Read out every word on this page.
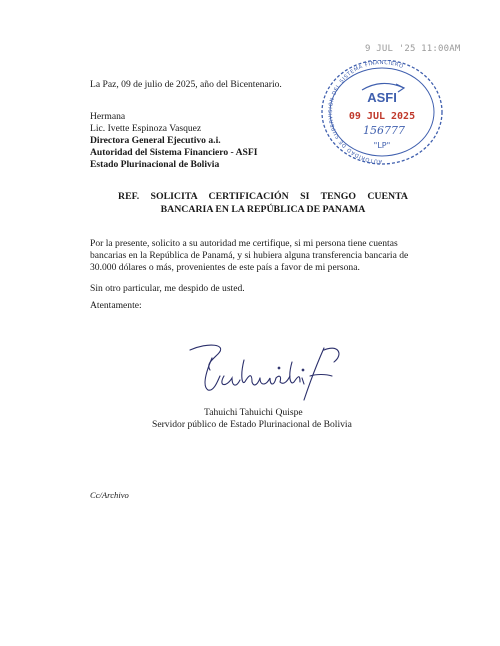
9 JUL '25 11:00AM
La Paz, 09 de julio de 2025, año del Bicentenario.
Hermana
Lic. Ivette Espinoza Vasquez
Directora General Ejecutivo a.i.
Autoridad del Sistema Financiero - ASFI
Estado Plurinacional de Bolivia	AUTORIDAD DE SUPERVISIÓN DEL SISTEMA FINANCIERO
ASFI
09 JUL 2025
156777
"LP"
REF. SOLICITA CERTIFICACIÓN SI TENGO CUENTA
BANCARIA EN LA REPÚBLICA DE PANAMA

Por la presente, solicito a su autoridad me certifique, si mi persona tiene cuentas
bancarias en la República de Panamá, y si hubiera alguna transferencia bancaria de
30.000 dólares o más, provenientes de este país a favor de mi persona.

Sin otro particular, me despido de usted.

Atentamente:

Tahuichi Tahuichi Quispe
Servidor público de Estado Plurinacional de Bolivia
Cc/Archivo
